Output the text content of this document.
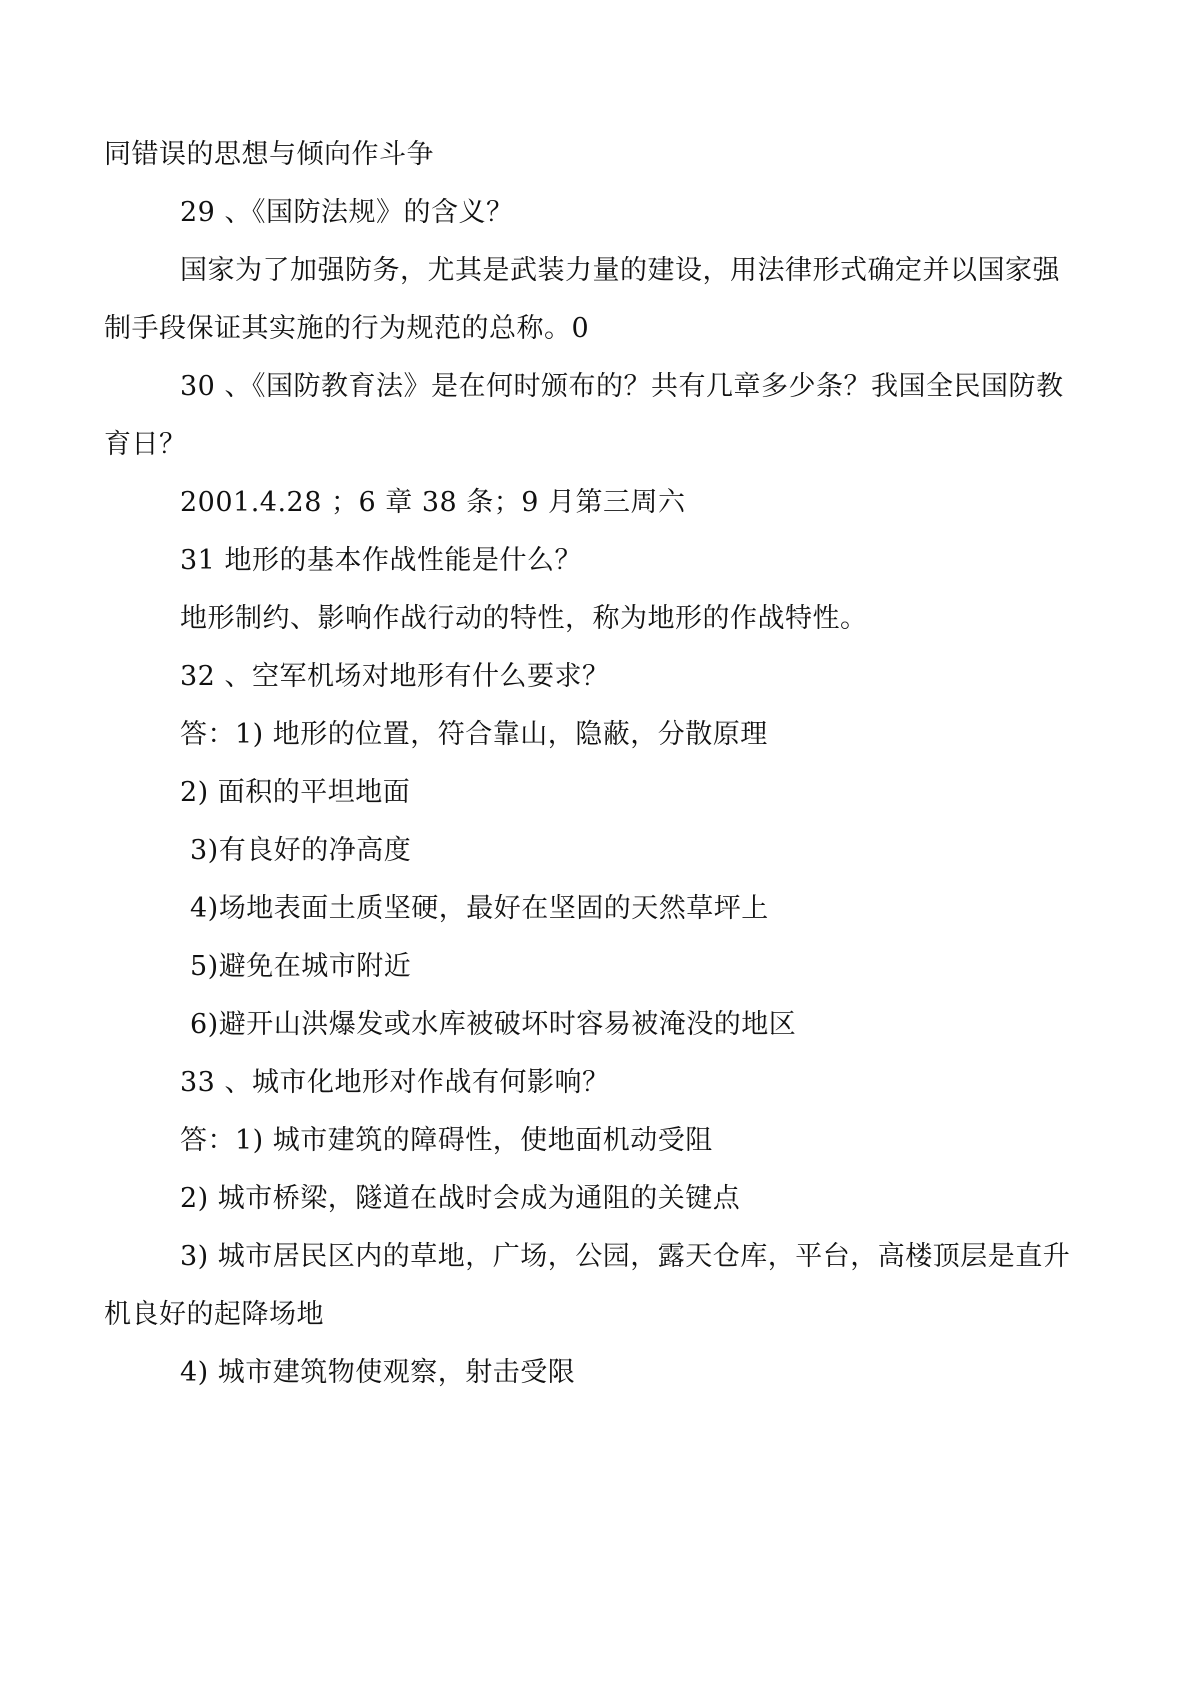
同错误的思想与倾向作斗争
29 、《国防法规》的含义？
国家为了加强防务，尤其是武装力量的建设，用法律形式确定并以国家强
制手段保证其实施的行为规范的总称。0
30 、《国防教育法》是在何时颁布的？共有几章多少条？我国全民国防教
育日？
2001.4.28 ；6 章 38 条；9 月第三周六
31 地形的基本作战性能是什么？
地形制约、影响作战行动的特性，称为地形的作战特性。
32 、空军机场对地形有什么要求？
答：1) 地形的位置，符合靠山，隐蔽，分散原理
2) 面积的平坦地面
3)有良好的净高度
4)场地表面土质坚硬，最好在坚固的天然草坪上
5)避免在城市附近
6)避开山洪爆发或水库被破坏时容易被淹没的地区
33 、城市化地形对作战有何影响？
答：1) 城市建筑的障碍性，使地面机动受阻
2) 城市桥梁，隧道在战时会成为通阻的关键点
3) 城市居民区内的草地，广场，公园，露天仓库，平台，高楼顶层是直升
机良好的起降场地
4) 城市建筑物使观察，射击受限
